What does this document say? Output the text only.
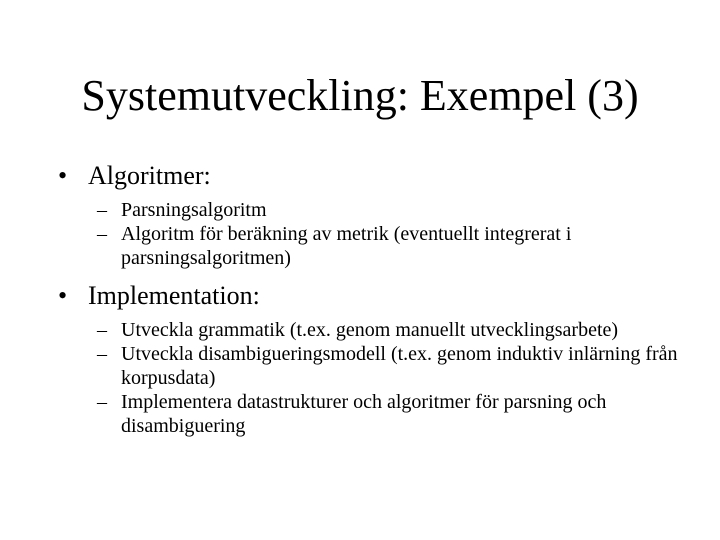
Systemutveckling: Exempel (3)
• Algoritmer:
– Parsningsalgoritm
– Algoritm för beräkning av metrik (eventuellt integrerat i parsningsalgoritmen)
• Implementation:
– Utveckla grammatik (t.ex. genom manuellt utvecklingsarbete)
– Utveckla disambigueringsmodell (t.ex. genom induktiv inlärning från korpusdata)
– Implementera datastrukturer och algoritmer för parsning och disambiguering
